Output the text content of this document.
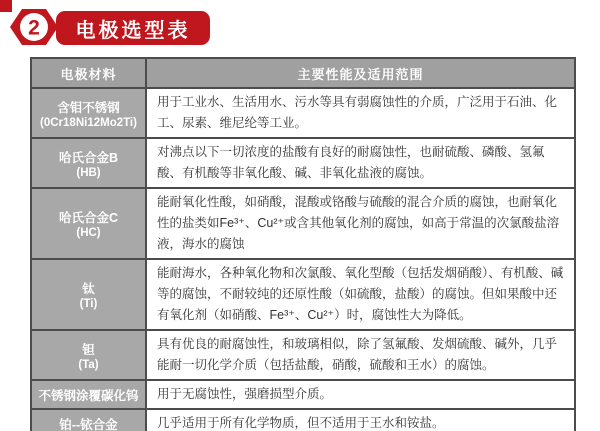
2 电极选型表
电极材料	主要性能及适用范围

含钼不锈钢
(0Cr18Ni12Mo2Ti)	用于工业水、生活用水、污水等具有弱腐蚀性的介质，广泛用于石油、化工、尿素、维尼纶等工业。

哈氏合金B
(HB)	对沸点以下一切浓度的盐酸有良好的耐腐蚀性，也耐硫酸、磷酸、氢氟酸、有机酸等非氧化酸、碱、非氧化盐液的腐蚀。

哈氏合金C
(HC)	能耐氧化性酸，如硝酸，混酸或铬酸与硫酸的混合介质的腐蚀，也耐氧化性的盐类如Fe³⁺、Cu²⁺或含其他氧化剂的腐蚀，如高于常温的次氯酸盐溶液，海水的腐蚀

钛
(Ti)	能耐海水，各种氧化物和次氯酸、氧化型酸（包括发烟硝酸）、有机酸、碱等的腐蚀，不耐较纯的还原性酸（如硫酸，盐酸）的腐蚀。但如果酸中还有氧化剂（如硝酸、Fe³⁺、Cu²⁺）时，腐蚀性大为降低。

钽
(Ta)	具有优良的耐腐蚀性，和玻璃相似，除了氢氟酸、发烟硫酸、碱外，几乎能耐一切化学介质（包括盐酸，硝酸，硫酸和王水）的腐蚀。

不锈钢涂覆碳化钨	用于无腐蚀性，强磨损型介质。

铂--铱合金	几乎适用于所有化学物质，但不适用于王水和铵盐。
